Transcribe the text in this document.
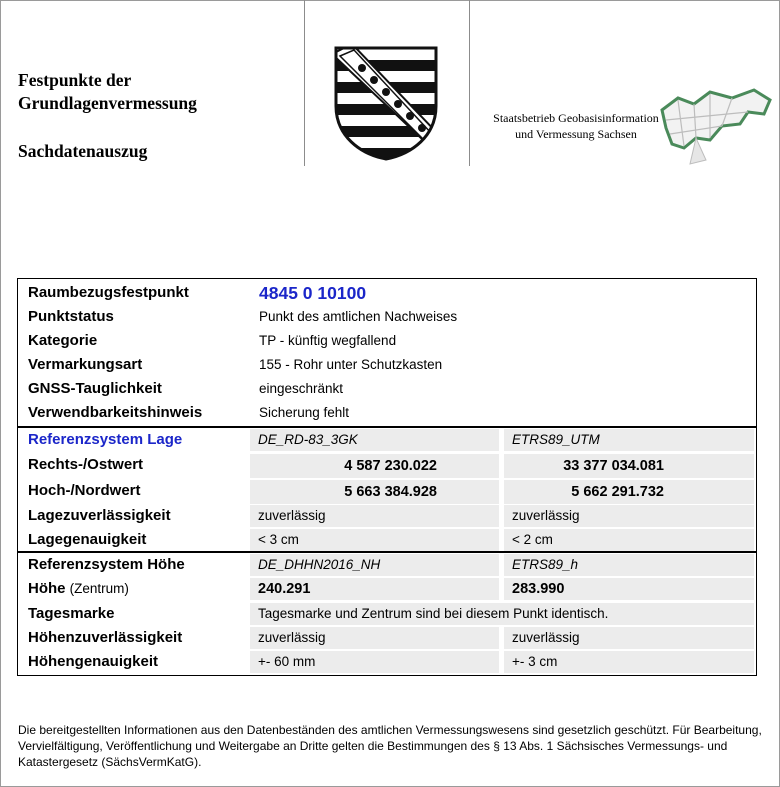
Festpunkte der
Grundlagenvermessung
Sachdatenauszug
Staatsbetrieb Geobasisinformation
und Vermessung Sachsen
Raumbezugsfestpunkt	4845 0 10100
Punktstatus	Punkt des amtlichen Nachweises
Kategorie	TP - künftig wegfallend
Vermarkungsart	155 - Rohr unter Schutzkasten
GNSS-Tauglichkeit	eingeschränkt
Verwendbarkeitshinweis	Sicherung fehlt
Referenzsystem Lage	DE_RD-83_3GK	ETRS89_UTM
Rechts-/Ostwert	4 587 230.022	33 377 034.081
Hoch-/Nordwert	5 663 384.928	5 662 291.732
Lagezuverlässigkeit	zuverlässig	zuverlässig
Lagegenauigkeit	< 3 cm	< 2 cm
Referenzsystem Höhe	DE_DHHN2016_NH	ETRS89_h
Höhe (Zentrum)	240.291	283.990
Tagesmarke	Tagesmarke und Zentrum sind bei diesem Punkt identisch.
Höhenzuverlässigkeit	zuverlässig	zuverlässig
Höhengenauigkeit	+- 60 mm	+- 3 cm
Die bereitgestellten Informationen aus den Datenbeständen des amtlichen Vermessungswesens sind gesetzlich geschützt. Für Bearbeitung, Vervielfältigung, Veröffentlichung und Weitergabe an Dritte gelten die Bestimmungen des § 13 Abs. 1 Sächsisches Vermessungs- und Katastergesetz (SächsVermKatG).
